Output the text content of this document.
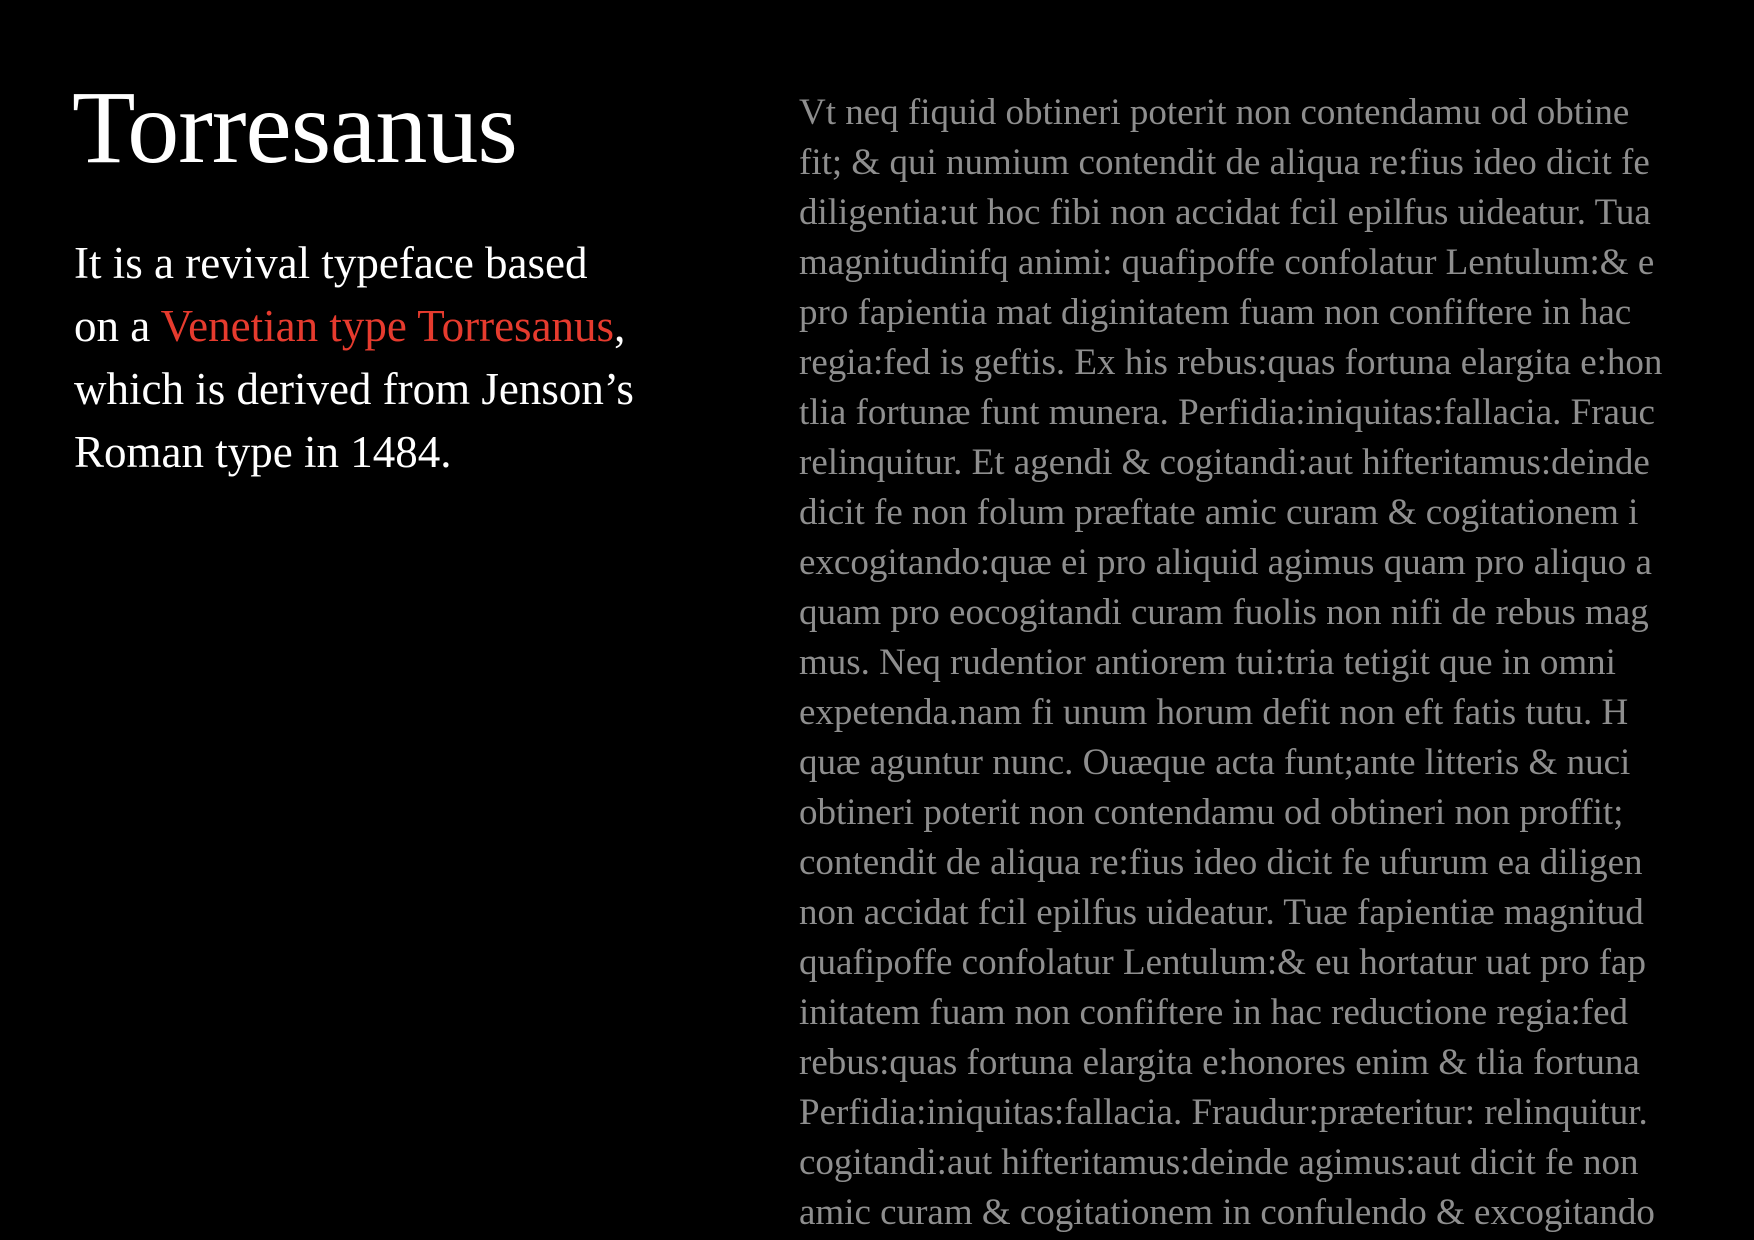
Torresanus

It is a revival typeface based
on a Venetian type Torresanus,
which is derived from Jenson’s
Roman type in 1484.

Vt neq fiquid obtineri poterit non contendamu od obtine
fit; & qui numium contendit de aliqua re:fius ideo dicit fe
diligentia:ut hoc fibi non accidat fcil epilfus uideatur. Tua
magnitudinifq animi: quafipoffe confolatur Lentulum:& e
pro fapientia mat diginitatem fuam non confiftere in hac
regia:fed is geftis. Ex his rebus:quas fortuna elargita e:hon
tlia fortunæ funt munera. Perfidia:iniquitas:fallacia. Frauc
relinquitur. Et agendi & cogitandi:aut hifteritamus:deinde
dicit fe non folum præftate amic curam & cogitationem i
excogitando:quæ ei pro aliquid agimus quam pro aliquo a
quam pro eocogitandi curam fuolis non nifi de rebus mag
mus. Neq rudentior antiorem tui:tria tetigit que in omni
expetenda.nam fi unum horum defit non eft fatis tutu. H
quæ aguntur nunc. Ouæque acta funt;ante litteris & nuci
obtineri poterit non contendamu od obtineri non proffit;
contendit de aliqua re:fius ideo dicit fe ufurum ea diligen
non accidat fcil epilfus uideatur. Tuæ fapientiæ magnitud
quafipoffe confolatur Lentulum:& eu hortatur uat pro fap
initatem fuam non confiftere in hac reductione regia:fed
rebus:quas fortuna elargita e:honores enim & tlia fortuna
Perfidia:iniquitas:fallacia. Fraudur:præteritur: relinquitur.
cogitandi:aut hifteritamus:deinde agimus:aut dicit fe non
amic curam & cogitationem in confulendo & excogitando
